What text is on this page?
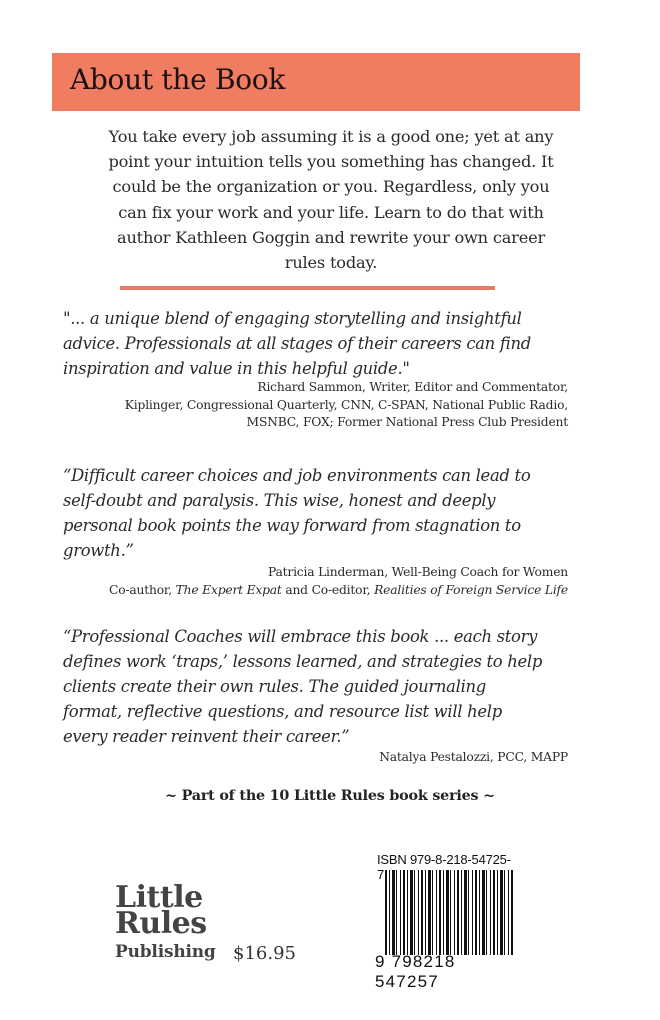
About the Book
You take every job assuming it is a good one; yet at any
point your intuition tells you something has changed. It
could be the organization or you. Regardless, only you
can fix your work and your life. Learn to do that with
author Kathleen Goggin and rewrite your own career
rules today.
"... a unique blend of engaging storytelling and insightful
advice. Professionals at all stages of their careers can find
inspiration and value in this helpful guide."
Richard Sammon, Writer, Editor and Commentator,
Kiplinger, Congressional Quarterly, CNN, C-SPAN, National Public Radio,
MSNBC, FOX; Former National Press Club President
“Difficult career choices and job environments can lead to
self-doubt and paralysis. This wise, honest and deeply
personal book points the way forward from stagnation to
growth.”
Patricia Linderman, Well-Being Coach for Women
Co-author, The Expert Expat and Co-editor, Realities of Foreign Service Life
“Professional Coaches will embrace this book ... each story
defines work ‘traps,’ lessons learned, and strategies to help
clients create their own rules. The guided journaling
format, reflective questions, and resource list will help
every reader reinvent their career.”
Natalya Pestalozzi, PCC, MAPP
~ Part of the 10 Little Rules book series ~
Little
Rules
Publishing $16.95
ISBN 979-8-218-54725-7
9 798218 547257
